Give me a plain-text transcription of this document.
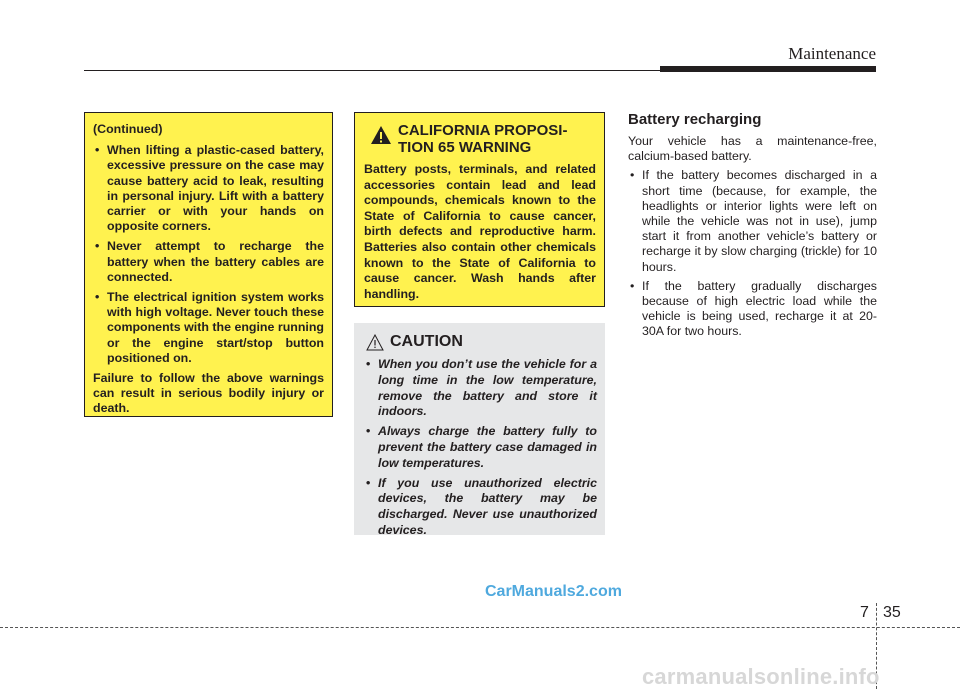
Maintenance

(Continued)

• When lifting a plastic-cased battery, excessive pressure on the case may cause battery acid to leak, resulting in personal injury. Lift with a battery carrier or with your hands on opposite corners.
• Never attempt to recharge the battery when the battery cables are connected.
• The electrical ignition system works with high voltage. Never touch these components with the engine running or the engine start/stop button positioned on.

Failure to follow the above warnings can result in serious bodily injury or death.

CALIFORNIA PROPOSI-
TION 65 WARNING

Battery posts, terminals, and related accessories contain lead and lead compounds, chemicals known to the State of California to cause cancer, birth defects and reproductive harm. Batteries also contain other chemicals known to the State of California to cause cancer. Wash hands after handling.

CAUTION
• When you don’t use the vehicle for a long time in the low temperature, remove the battery and store it indoors.
• Always charge the battery fully to prevent the battery case damaged in low temperatures.
• If you use unauthorized electric devices, the battery may be discharged. Never use unauthorized devices.

Battery recharging

Your vehicle has a maintenance-free, calcium-based battery.

• If the battery becomes discharged in a short time (because, for example, the headlights or interior lights were left on while the vehicle was not in use), jump start it from another vehicle’s battery or recharge it by slow charging (trickle) for 10 hours.
• If the battery gradually discharges because of high electric load while the vehicle is being used, recharge it at 20-30A for two hours.
CarManuals2.com
7 35
carmanualsonline.info
